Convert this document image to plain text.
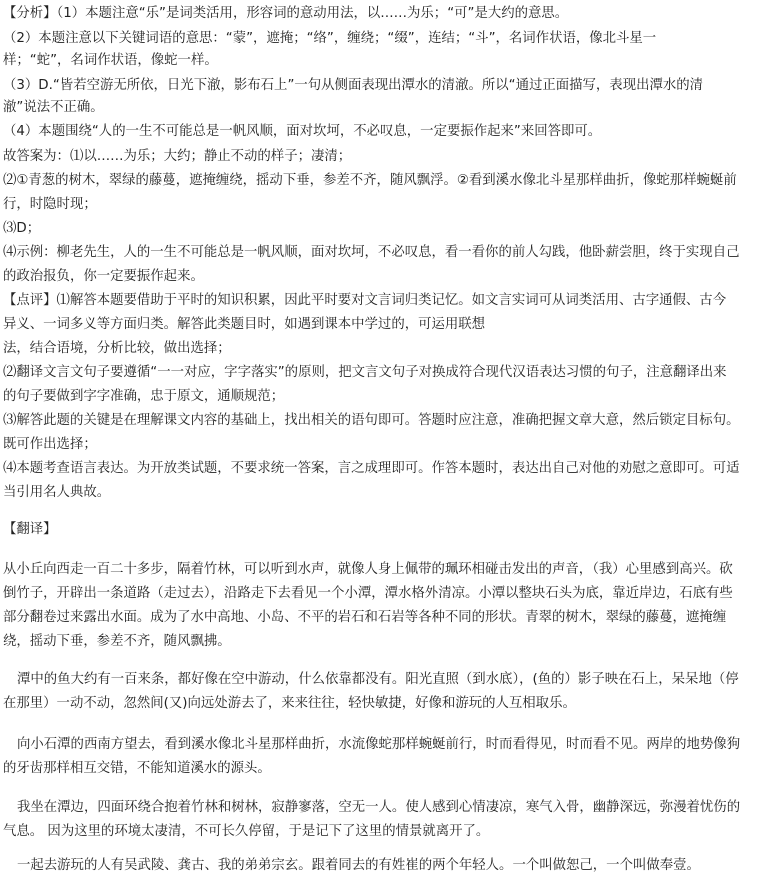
【分析】（1）本题注意“乐”是词类活用，形容词的意动用法，以……为乐；“可”是大约的意思。
（2）本题注意以下关键词语的意思：“蒙”，遮掩；“络”，缠绕；“缀”，连结；“斗”，名词作状语，像北斗星一
样；“蛇”，名词作状语，像蛇一样。
（3）D.“皆若空游无所依，日光下澈，影布石上”一句从侧面表现出潭水的清澈。所以“通过正面描写，表现出潭水的清
澈”说法不正确。
（4）本题围绕“人的一生不可能总是一帆风顺，面对坎坷，不必叹息，一定要振作起来”来回答即可。
故答案为：⑴以……为乐；大约；静止不动的样子；凄清；
⑵①青葱的树木，翠绿的藤蔓，遮掩缠绕，摇动下垂，参差不齐，随风飘浮。②看到溪水像北斗星那样曲折，像蛇那样蜿蜒前
行，时隐时现；
⑶D；
⑷示例：柳老先生，人的一生不可能总是一帆风顺，面对坎坷，不必叹息，看一看你的前人勾践，他卧薪尝胆，终于实现自己
的政治报负，你一定要振作起来。
【点评】⑴解答本题要借助于平时的知识积累，因此平时要对文言词归类记忆。如文言实词可从词类活用、古字通假、古今
异义、一词多义等方面归类。解答此类题目时，如遇到课本中学过的，可运用联想
法，结合语境，分析比较，做出选择；
⑵翻译文言文句子要遵循“一一对应，字字落实”的原则，把文言文句子对换成符合现代汉语表达习惯的句子，注意翻译出来
的句子要做到字字准确，忠于原文，通顺规范；
⑶解答此题的关键是在理解课文内容的基础上，找出相关的语句即可。答题时应注意，准确把握文章大意，然后锁定目标句。
既可作出选择；
⑷本题考查语言表达。为开放类试题，不要求统一答案，言之成理即可。作答本题时，表达出自己对他的劝慰之意即可。可适
当引用名人典故。
【翻译】
从小丘向西走一百二十多步，隔着竹林，可以听到水声，就像人身上佩带的珮环相碰击发出的声音，（我）心里感到高兴。砍
倒竹子，开辟出一条道路（走过去），沿路走下去看见一个小潭，潭水格外清凉。小潭以整块石头为底，靠近岸边，石底有些
部分翻卷过来露出水面。成为了水中高地、小岛、不平的岩石和石岩等各种不同的形状。青翠的树木，翠绿的藤蔓，遮掩缠
绕，摇动下垂，参差不齐，随风飘拂。
潭中的鱼大约有一百来条，都好像在空中游动，什么依靠都没有。阳光直照（到水底），(鱼的）影子映在石上，呆呆地（停
在那里）一动不动，忽然间(又)向远处游去了，来来往往，轻快敏捷，好像和游玩的人互相取乐。
向小石潭的西南方望去，看到溪水像北斗星那样曲折，水流像蛇那样蜿蜒前行，时而看得见，时而看不见。两岸的地势像狗
的牙齿那样相互交错，不能知道溪水的源头。
我坐在潭边，四面环绕合抱着竹林和树林，寂静寥落，空无一人。使人感到心情凄凉，寒气入骨，幽静深远，弥漫着忧伤的
气息。 因为这里的环境太凄清，不可长久停留，于是记下了这里的情景就离开了。
一起去游玩的人有吴武陵、龚古、我的弟弟宗玄。跟着同去的有姓崔的两个年轻人。一个叫做恕己，一个叫做奉壹。
